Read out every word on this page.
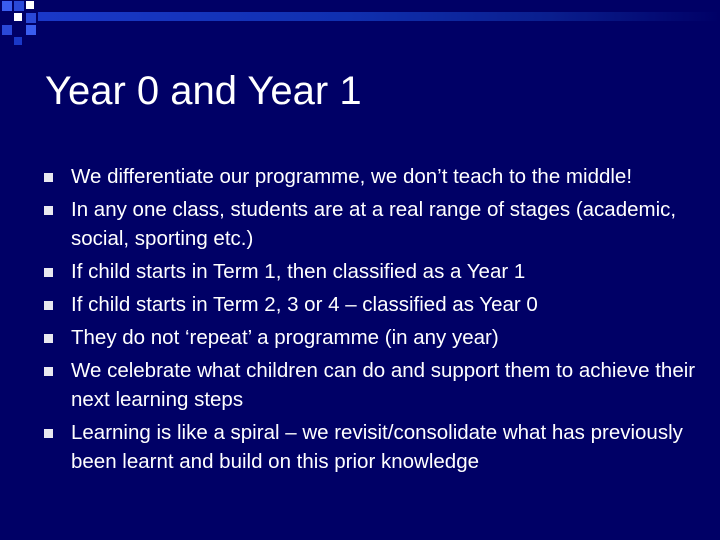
Year 0 and Year 1
We differentiate our programme, we don’t teach to the middle!
In any one class, students are at a real range of stages (academic, social, sporting etc.)
If child starts in Term 1, then classified as a Year 1
If child starts in Term 2, 3 or 4 – classified as Year 0
They do not ‘repeat’ a programme (in any year)
We celebrate what children can do and support them to achieve their next learning steps
Learning is like a spiral – we revisit/consolidate what has previously been learnt and build on this prior knowledge
